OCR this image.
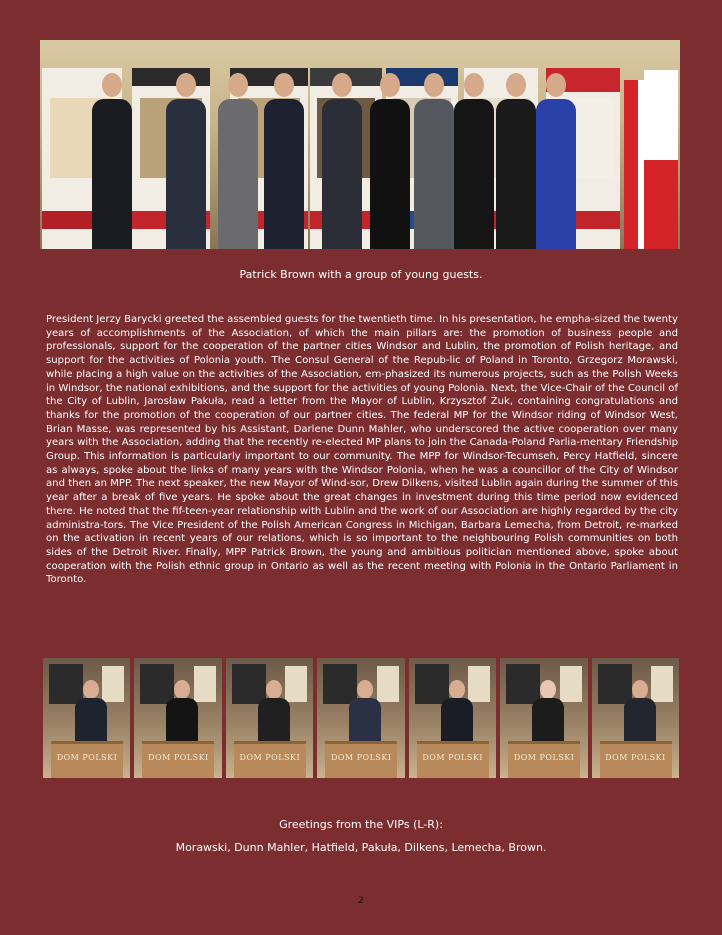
Patrick Brown with a group of young guests.

President Jerzy Barycki greeted the assembled guests for the twentieth time. In his presentation, he empha-sized the twenty years of accomplishments of the Association, of which the main pillars are: the promotion of business people and professionals, support for the cooperation of the partner cities Windsor and Lublin, the promotion of Polish heritage, and support for the activities of Polonia youth. The Consul General of the Repub-lic of Poland in Toronto, Grzegorz Morawski, while placing a high value on the activities of the Association, em-phasized its numerous projects, such as the Polish Weeks in Windsor, the national exhibitions, and the support for the activities of young Polonia. Next, the Vice-Chair of the Council of the City of Lublin, Jarosław Pakuła, read a letter from the Mayor of Lublin, Krzysztof Żuk, containing congratulations and thanks for the promotion of the cooperation of our partner cities. The federal MP for the Windsor riding of Windsor West, Brian Masse, was represented by his Assistant, Darlene Dunn Mahler, who underscored the active cooperation over many years with the Association, adding that the recently re-elected MP plans to join the Canada-Poland Parlia-mentary Friendship Group. This information is particularly important to our community. The MPP for Windsor-Tecumseh, Percy Hatfield, sincere as always, spoke about the links of many years with the Windsor Polonia, when he was a councillor of the City of Windsor and then an MPP. The next speaker, the new Mayor of Wind-sor, Drew Dilkens, visited Lublin again during the summer of this year after a break of five years. He spoke about the great changes in investment during this time period now evidenced there. He noted that the fif-teen-year relationship with Lublin and the work of our Association are highly regarded by the city administra-tors. The Vice President of the Polish American Congress in Michigan, Barbara Lemecha, from Detroit, re-marked on the activation in recent years of our relations, which is so important to the neighbouring Polish communities on both sides of the Detroit River. Finally, MPP Patrick Brown, the young and ambitious politician mentioned above, spoke about cooperation with the Polish ethnic group in Ontario as well as the recent meeting with Polonia in the Ontario Parliament in Toronto.

DOM POLSKI	DOM POLSKI	DOM POLSKI	DOM POLSKI	DOM POLSKI	DOM POLSKI	DOM POLSKI
Greetings from the VIPs (L-R):
Morawski, Dunn Mahler, Hatfield, Pakuła, Dilkens, Lemecha, Brown.
2
